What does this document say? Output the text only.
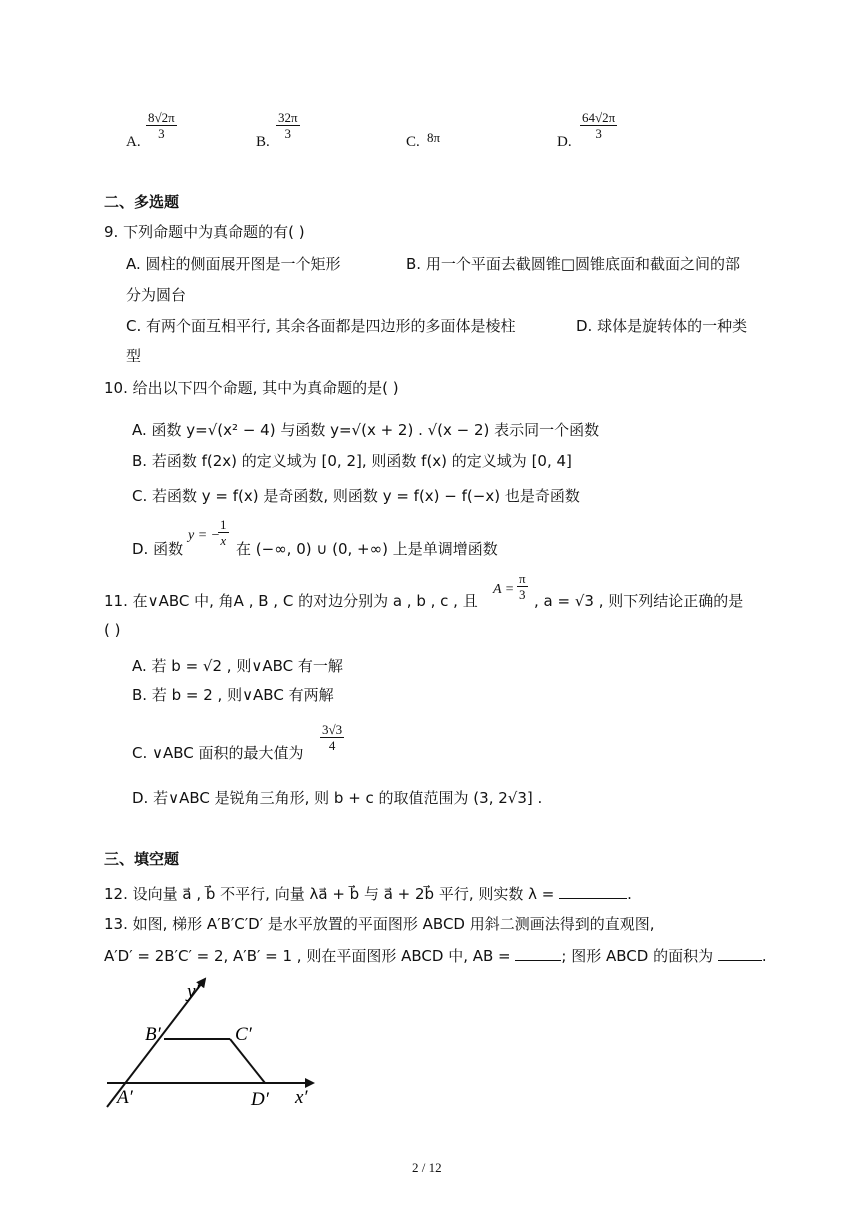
A.
$\frac{8√2\pi}{3}$
B.
$\frac{32\pi}{3}$
C. 8π	D.
$\frac{64√2\pi}{3}$
二、多选题
9. 下列命题中为真命题的有( )
A. 圆柱的侧面展开图是一个矩形	B. 用一个平面去截圆锥□圆锥底面和截面之间的部
分为圆台
C. 有两个面互相平行, 其余各面都是四边形的多面体是棱柱	D. 球体是旋转体的一种类
型
10. 给出以下四个命题, 其中为真命题的是( )
A. 函数 y=√(x² − 4) 与函数 y=√(x + 2) . √(x − 2) 表示同一个函数
B. 若函数 f(2x) 的定义域为 [0, 2], 则函数 f(x) 的定义域为 [0, 4]
C. 若函数 y = f(x) 是奇函数, 则函数 y = f(x) − f(−x) 也是奇函数
D. 函数
y = −
$\frac{1}{x}$
在 (−∞, 0) ∪ (0, +∞) 上是单调增函数
11. 在∨ABC 中, 角A , B , C 的对边分别为 a , b , c , 且
$A = \frac{\pi}{3}$ , a = √3 , 则下列结论正确的是
( )
A. 若 b = √2 , 则∨ABC 有一解
B. 若 b = 2 , 则∨ABC 有两解
C. ∨ABC 面积的最大值为 $\frac{3√3}{4}$
D. 若∨ABC 是锐角三角形, 则 b + c 的取值范围为 (3, 2√3] .
三、填空题
12. 设向量 a⃗ , b⃗ 不平行, 向量 λa⃗ + b⃗ 与 a⃗ + 2b⃗ 平行, 则实数 λ =	.
13. 如图, 梯形 A′B′C′D′ 是水平放置的平面图形 ABCD 用斜二测画法得到的直观图,
A′D′ = 2B′C′ = 2, A′B′ = 1 , 则在平面图形 ABCD 中, AB =	; 图形 ABCD 的面积为	.
y′
x′
A′
B′	C′
D′
2 / 12
